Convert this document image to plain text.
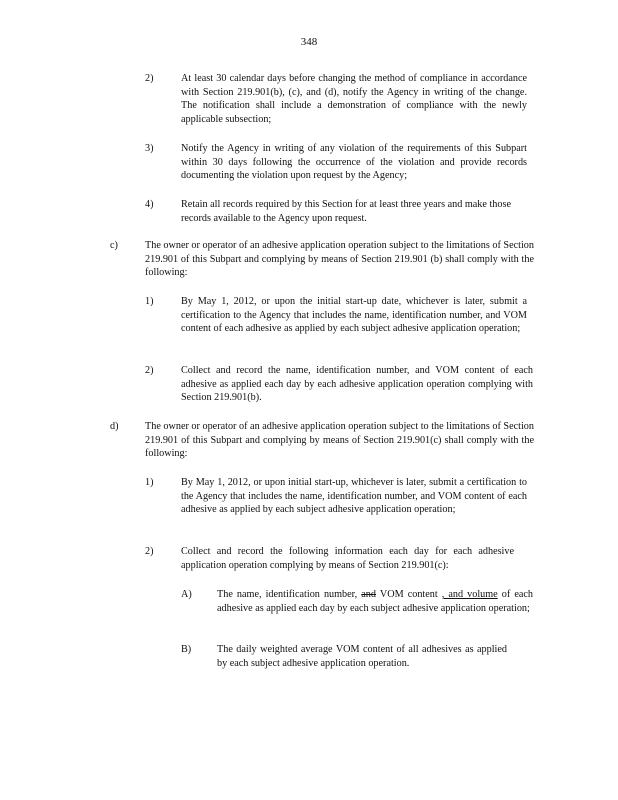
348
2)	At least 30 calendar days before changing the method of compliance in accordance with Section 219.901(b), (c), and (d), notify the Agency in writing of the change. The notification shall include a demonstration of compliance with the newly applicable subsection;
3)	Notify the Agency in writing of any violation of the requirements of this Subpart within 30 days following the occurrence of the violation and provide records documenting the violation upon request by the Agency;
4)	Retain all records required by this Section for at least three years and make those records available to the Agency upon request.
c)	The owner or operator of an adhesive application operation subject to the limitations of Section 219.901 of this Subpart and complying by means of Section 219.901 (b) shall comply with the following:
1)	By May 1, 2012, or upon the initial start-up date, whichever is later, submit a certification to the Agency that includes the name, identification number, and VOM content of each adhesive as applied by each subject adhesive application operation;
2)	Collect and record the name, identification number, and VOM content of each adhesive as applied each day by each adhesive application operation complying with Section 219.901(b).
d)	The owner or operator of an adhesive application operation subject to the limitations of Section 219.901 of this Subpart and complying by means of Section 219.901(c) shall comply with the following:
1)	By May 1, 2012, or upon initial start-up, whichever is later, submit a certification to the Agency that includes the name, identification number, and VOM content of each adhesive as applied by each subject adhesive application operation;
2)	Collect and record the following information each day for each adhesive application operation complying by means of Section 219.901(c):
A) The name, identification number, and VOM content , and volume of each adhesive as applied each day by each subject adhesive application operation;
B)	The daily weighted average VOM content of all adhesives as applied by each subject adhesive application operation.
